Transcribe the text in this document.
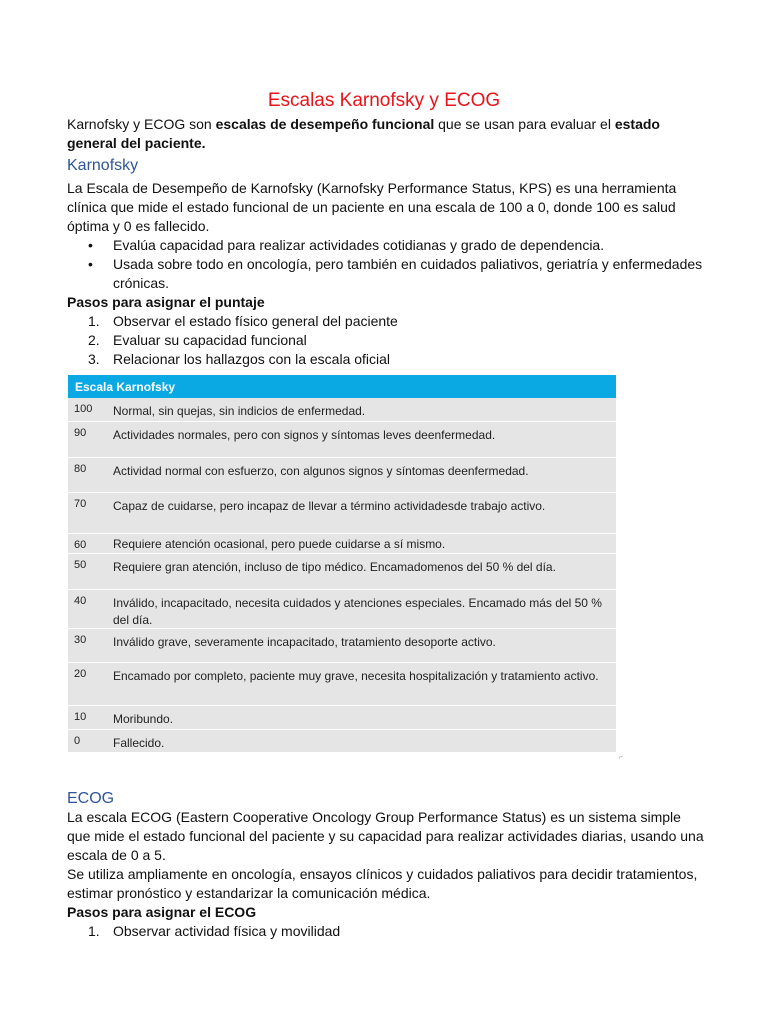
Escalas Karnofsky y ECOG
Karnofsky y ECOG son escalas de desempeño funcional que se usan para evaluar el estado general del paciente.
Karnofsky
La Escala de Desempeño de Karnofsky (Karnofsky Performance Status, KPS) es una herramienta clínica que mide el estado funcional de un paciente en una escala de 100 a 0, donde 100 es salud óptima y 0 es fallecido.
• Evalúa capacidad para realizar actividades cotidianas y grado de dependencia.
• Usada sobre todo en oncología, pero también en cuidados paliativos, geriatría y enfermedades crónicas.
Pasos para asignar el puntaje
1. Observar el estado físico general del paciente
2. Evaluar su capacidad funcional
3. Relacionar los hallazgos con la escala oficial
Escala Karnofsky
100 Normal, sin quejas, sin indicios de enfermedad.
90 Actividades normales, pero con signos y síntomas leves deenfermedad.
80 Actividad normal con esfuerzo, con algunos signos y síntomas deenfermedad.
70 Capaz de cuidarse, pero incapaz de llevar a término actividadesde trabajo activo.
60 Requiere atención ocasional, pero puede cuidarse a sí mismo.
50 Requiere gran atención, incluso de tipo médico. Encamadomenos del 50 % del día.
40 Inválido, incapacitado, necesita cuidados y atenciones especiales. Encamado más del 50 % del día.
30 Inválido grave, severamente incapacitado, tratamiento desoporte activo.
20 Encamado por completo, paciente muy grave, necesita hospitalización y tratamiento activo.
10 Moribundo.
0	Fallecido.
⌐
ECOG
La escala ECOG (Eastern Cooperative Oncology Group Performance Status) es un sistema simple que mide el estado funcional del paciente y su capacidad para realizar actividades diarias, usando una escala de 0 a 5.
Se utiliza ampliamente en oncología, ensayos clínicos y cuidados paliativos para decidir tratamientos, estimar pronóstico y estandarizar la comunicación médica.
Pasos para asignar el ECOG
1. Observar actividad física y movilidad
